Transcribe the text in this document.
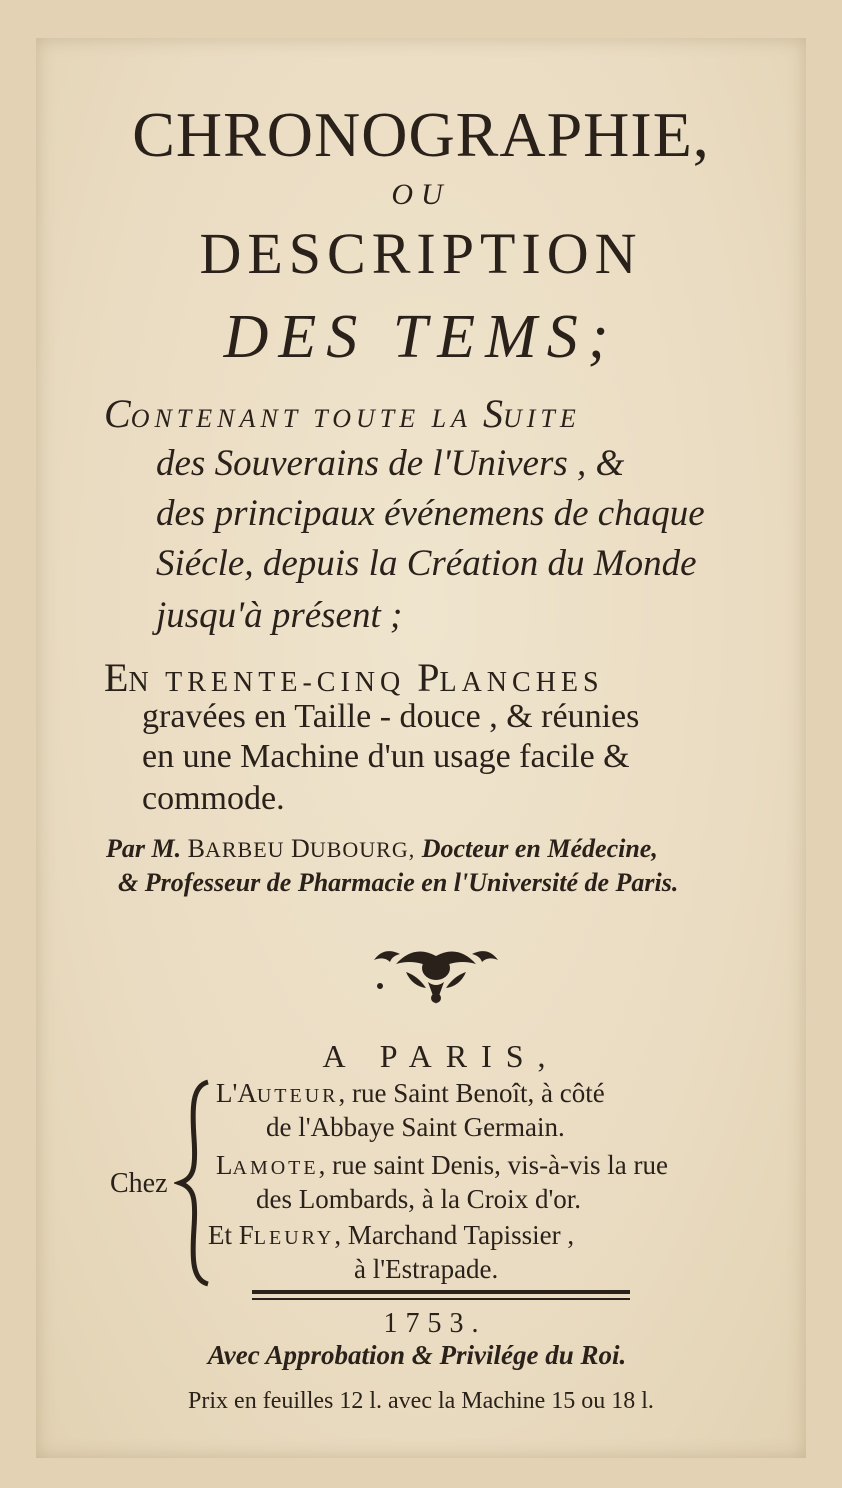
CHRONOGRAPHIE,
OU
DESCRIPTION
DES TEMS;
CONTENANT TOUTE LA SUITE
des Souverains de l'Univers , &
des principaux événemens de chaque
Siécle, depuis la Création du Monde
jusqu'à présent ;
EN TRENTE-CINQ PLANCHES
gravées en Taille - douce , & réunies
en une Machine d'un usage facile &
commode.
Par M. BARBEU DUBOURG, Docteur en Médecine,
& Professeur de Pharmacie en l'Université de Paris.
A PARIS,
Chez
L'AUTEUR, rue Saint Benoît, à côté
de l'Abbaye Saint Germain.
LAMOTE, rue saint Denis, vis-à-vis la rue
des Lombards, à la Croix d'or.
Et FLEURY, Marchand Tapissier ,
à l'Estrapade.
1753.
Avec Approbation & Privilége du Roi.
Prix en feuilles 12 l. avec la Machine 15 ou 18 l.
